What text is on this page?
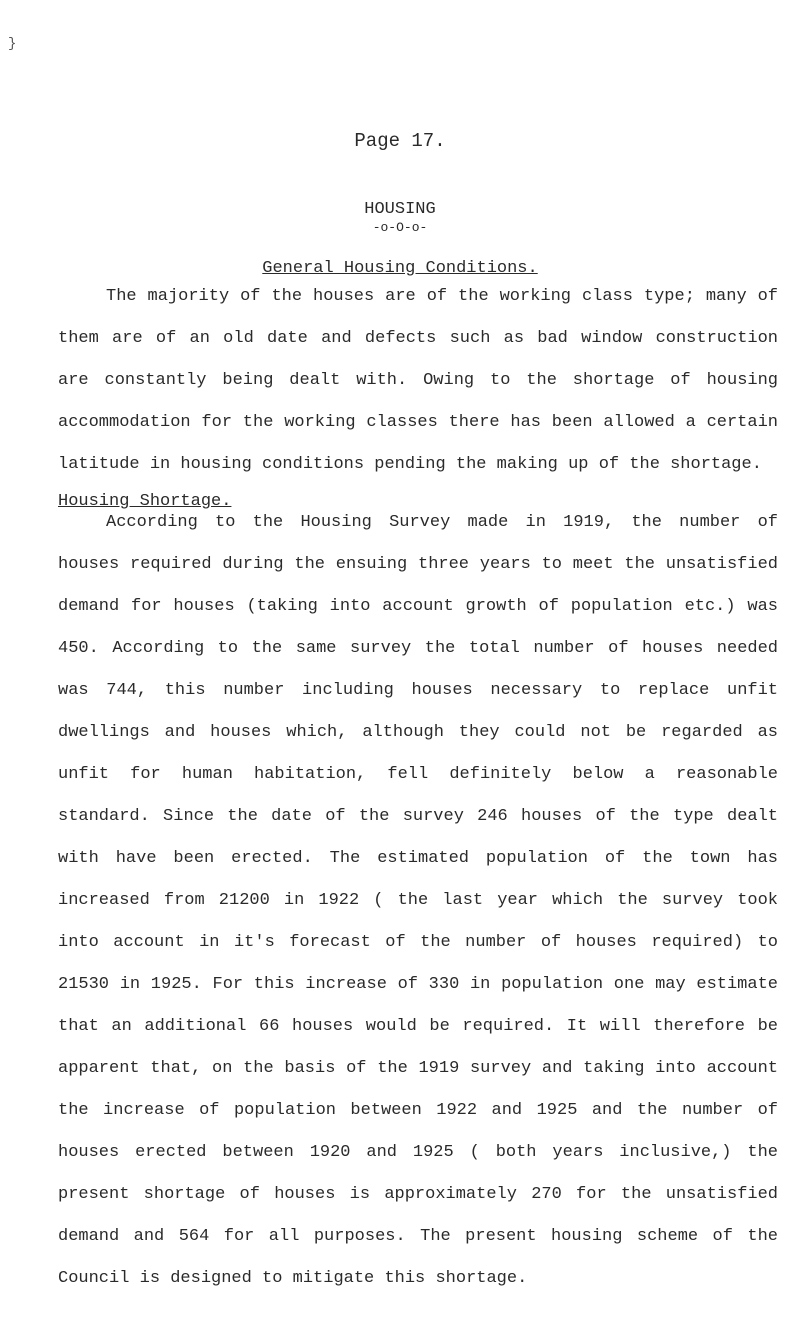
}
Page 17.
HOUSING
-o-O-o-
General Housing Conditions.

The majority of the houses are of the working class type; many of them are of an old date and defects such as bad window construction are constantly being dealt with. Owing to the shortage of housing accommodation for the working classes there has been allowed a certain latitude in housing conditions pending the making up of the shortage.

Housing Shortage.

According to the Housing Survey made in 1919, the number of houses required during the ensuing three years to meet the unsatisfied demand for houses (taking into account growth of population etc.) was 450. According to the same survey the total number of houses needed was 744, this number including houses necessary to replace unfit dwellings and houses which, although they could not be regarded as unfit for human habitation, fell definitely below a reasonable standard. Since the date of the survey 246 houses of the type dealt with have been erected. The estimated population of the town has increased from 21200 in 1922 ( the last year which the survey took into account in it's forecast of the number of houses required) to 21530 in 1925. For this increase of 330 in population one may estimate that an additional 66 houses would be required. It will therefore be apparent that, on the basis of the 1919 survey and taking into account the increase of population between 1922 and 1925 and the number of houses erected between 1920 and 1925 ( both years inclusive,) the present shortage of houses is approximately 270 for the unsatisfied demand and 564 for all purposes. The present housing scheme of the Council is designed to mitigate this shortage.
